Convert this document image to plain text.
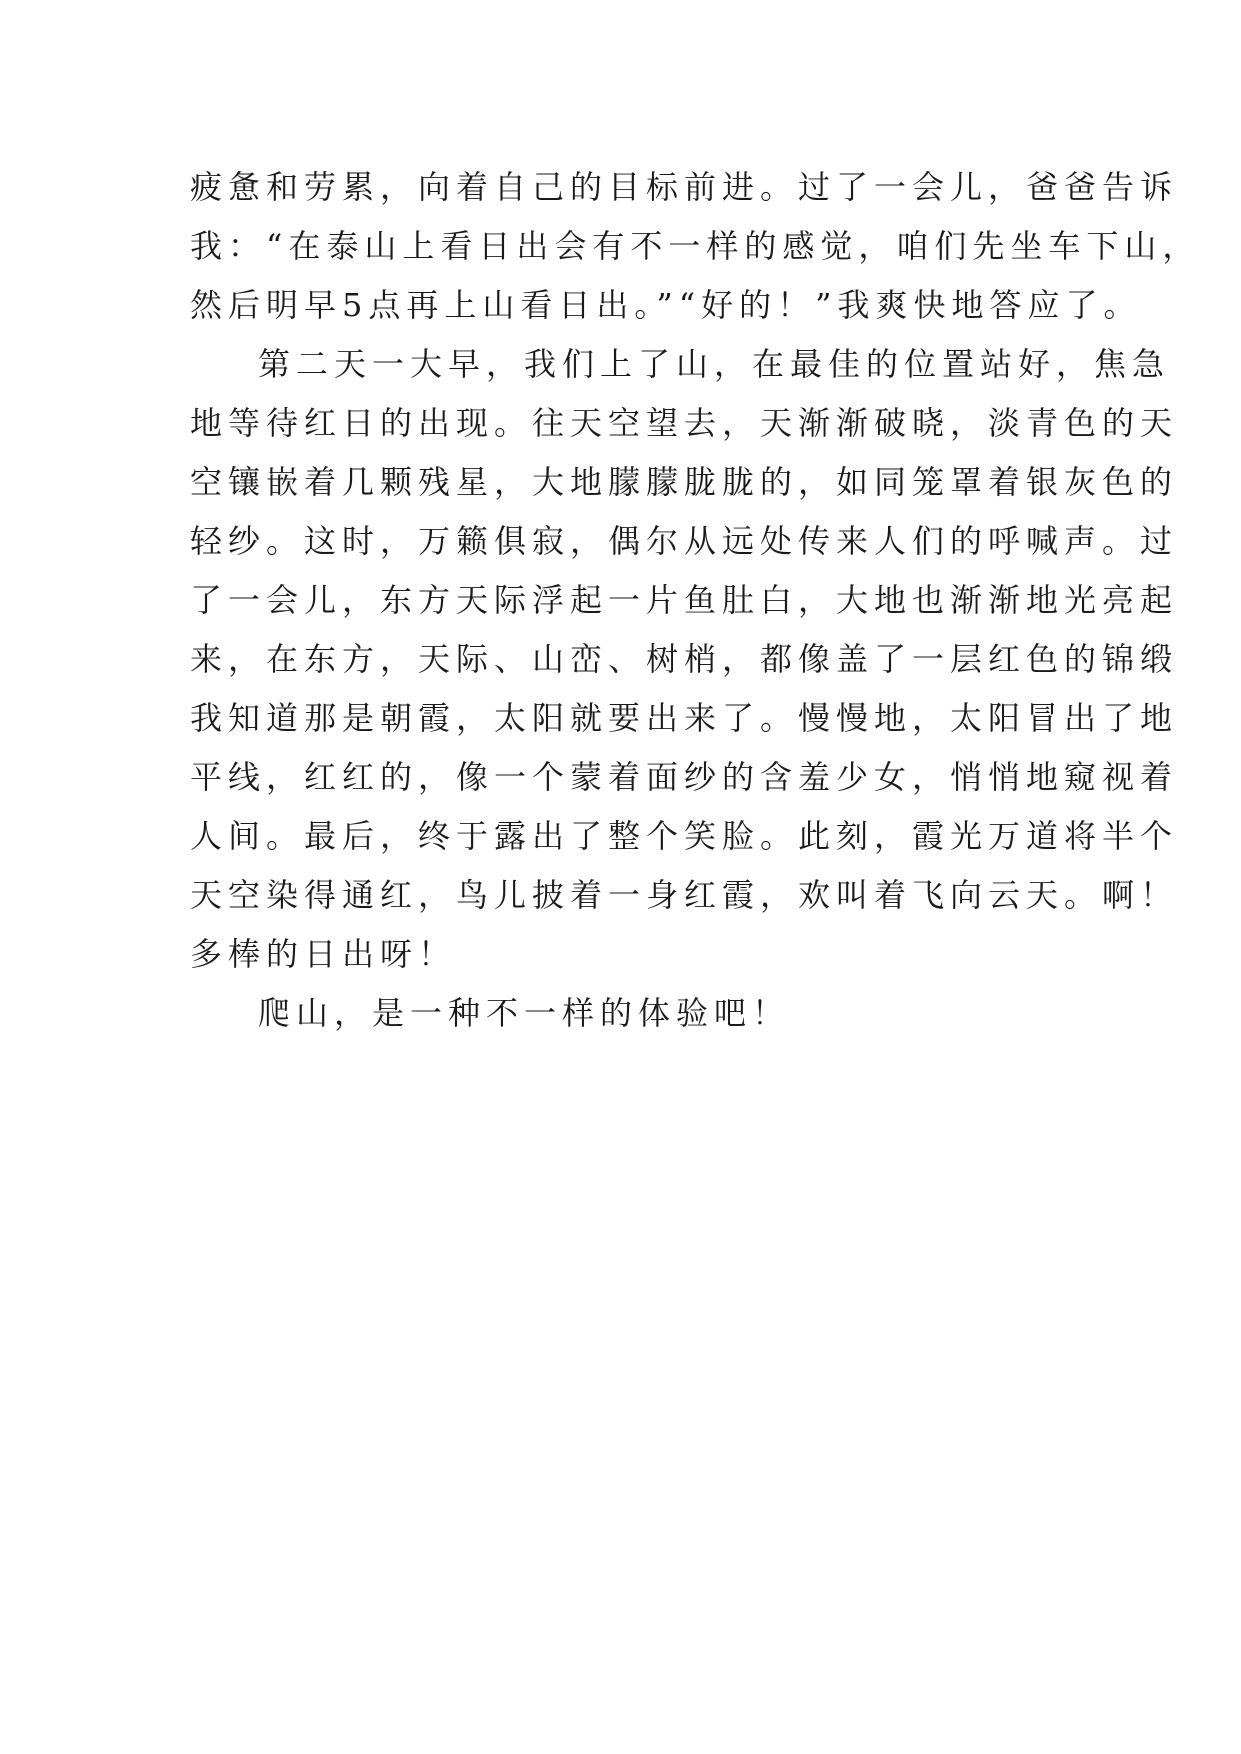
疲惫和劳累，向着自己的目标前进。过了一会儿，爸爸告诉
我：“在泰山上看日出会有不一样的感觉，咱们先坐车下山，
然后明早5点再上山看日出。”“好的！”我爽快地答应了。
第二天一大早，我们上了山，在最佳的位置站好，焦急
地等待红日的出现。往天空望去，天渐渐破晓，淡青色的天
空镶嵌着几颗残星，大地朦朦胧胧的，如同笼罩着银灰色的
轻纱。这时，万籁俱寂，偶尔从远处传来人们的呼喊声。过
了一会儿，东方天际浮起一片鱼肚白，大地也渐渐地光亮起
来，在东方，天际、山峦、树梢，都像盖了一层红色的锦缎
我知道那是朝霞，太阳就要出来了。慢慢地，太阳冒出了地
平线，红红的，像一个蒙着面纱的含羞少女，悄悄地窥视着
人间。最后，终于露出了整个笑脸。此刻，霞光万道将半个
天空染得通红，鸟儿披着一身红霞，欢叫着飞向云天。啊！
多棒的日出呀！
爬山，是一种不一样的体验吧！
